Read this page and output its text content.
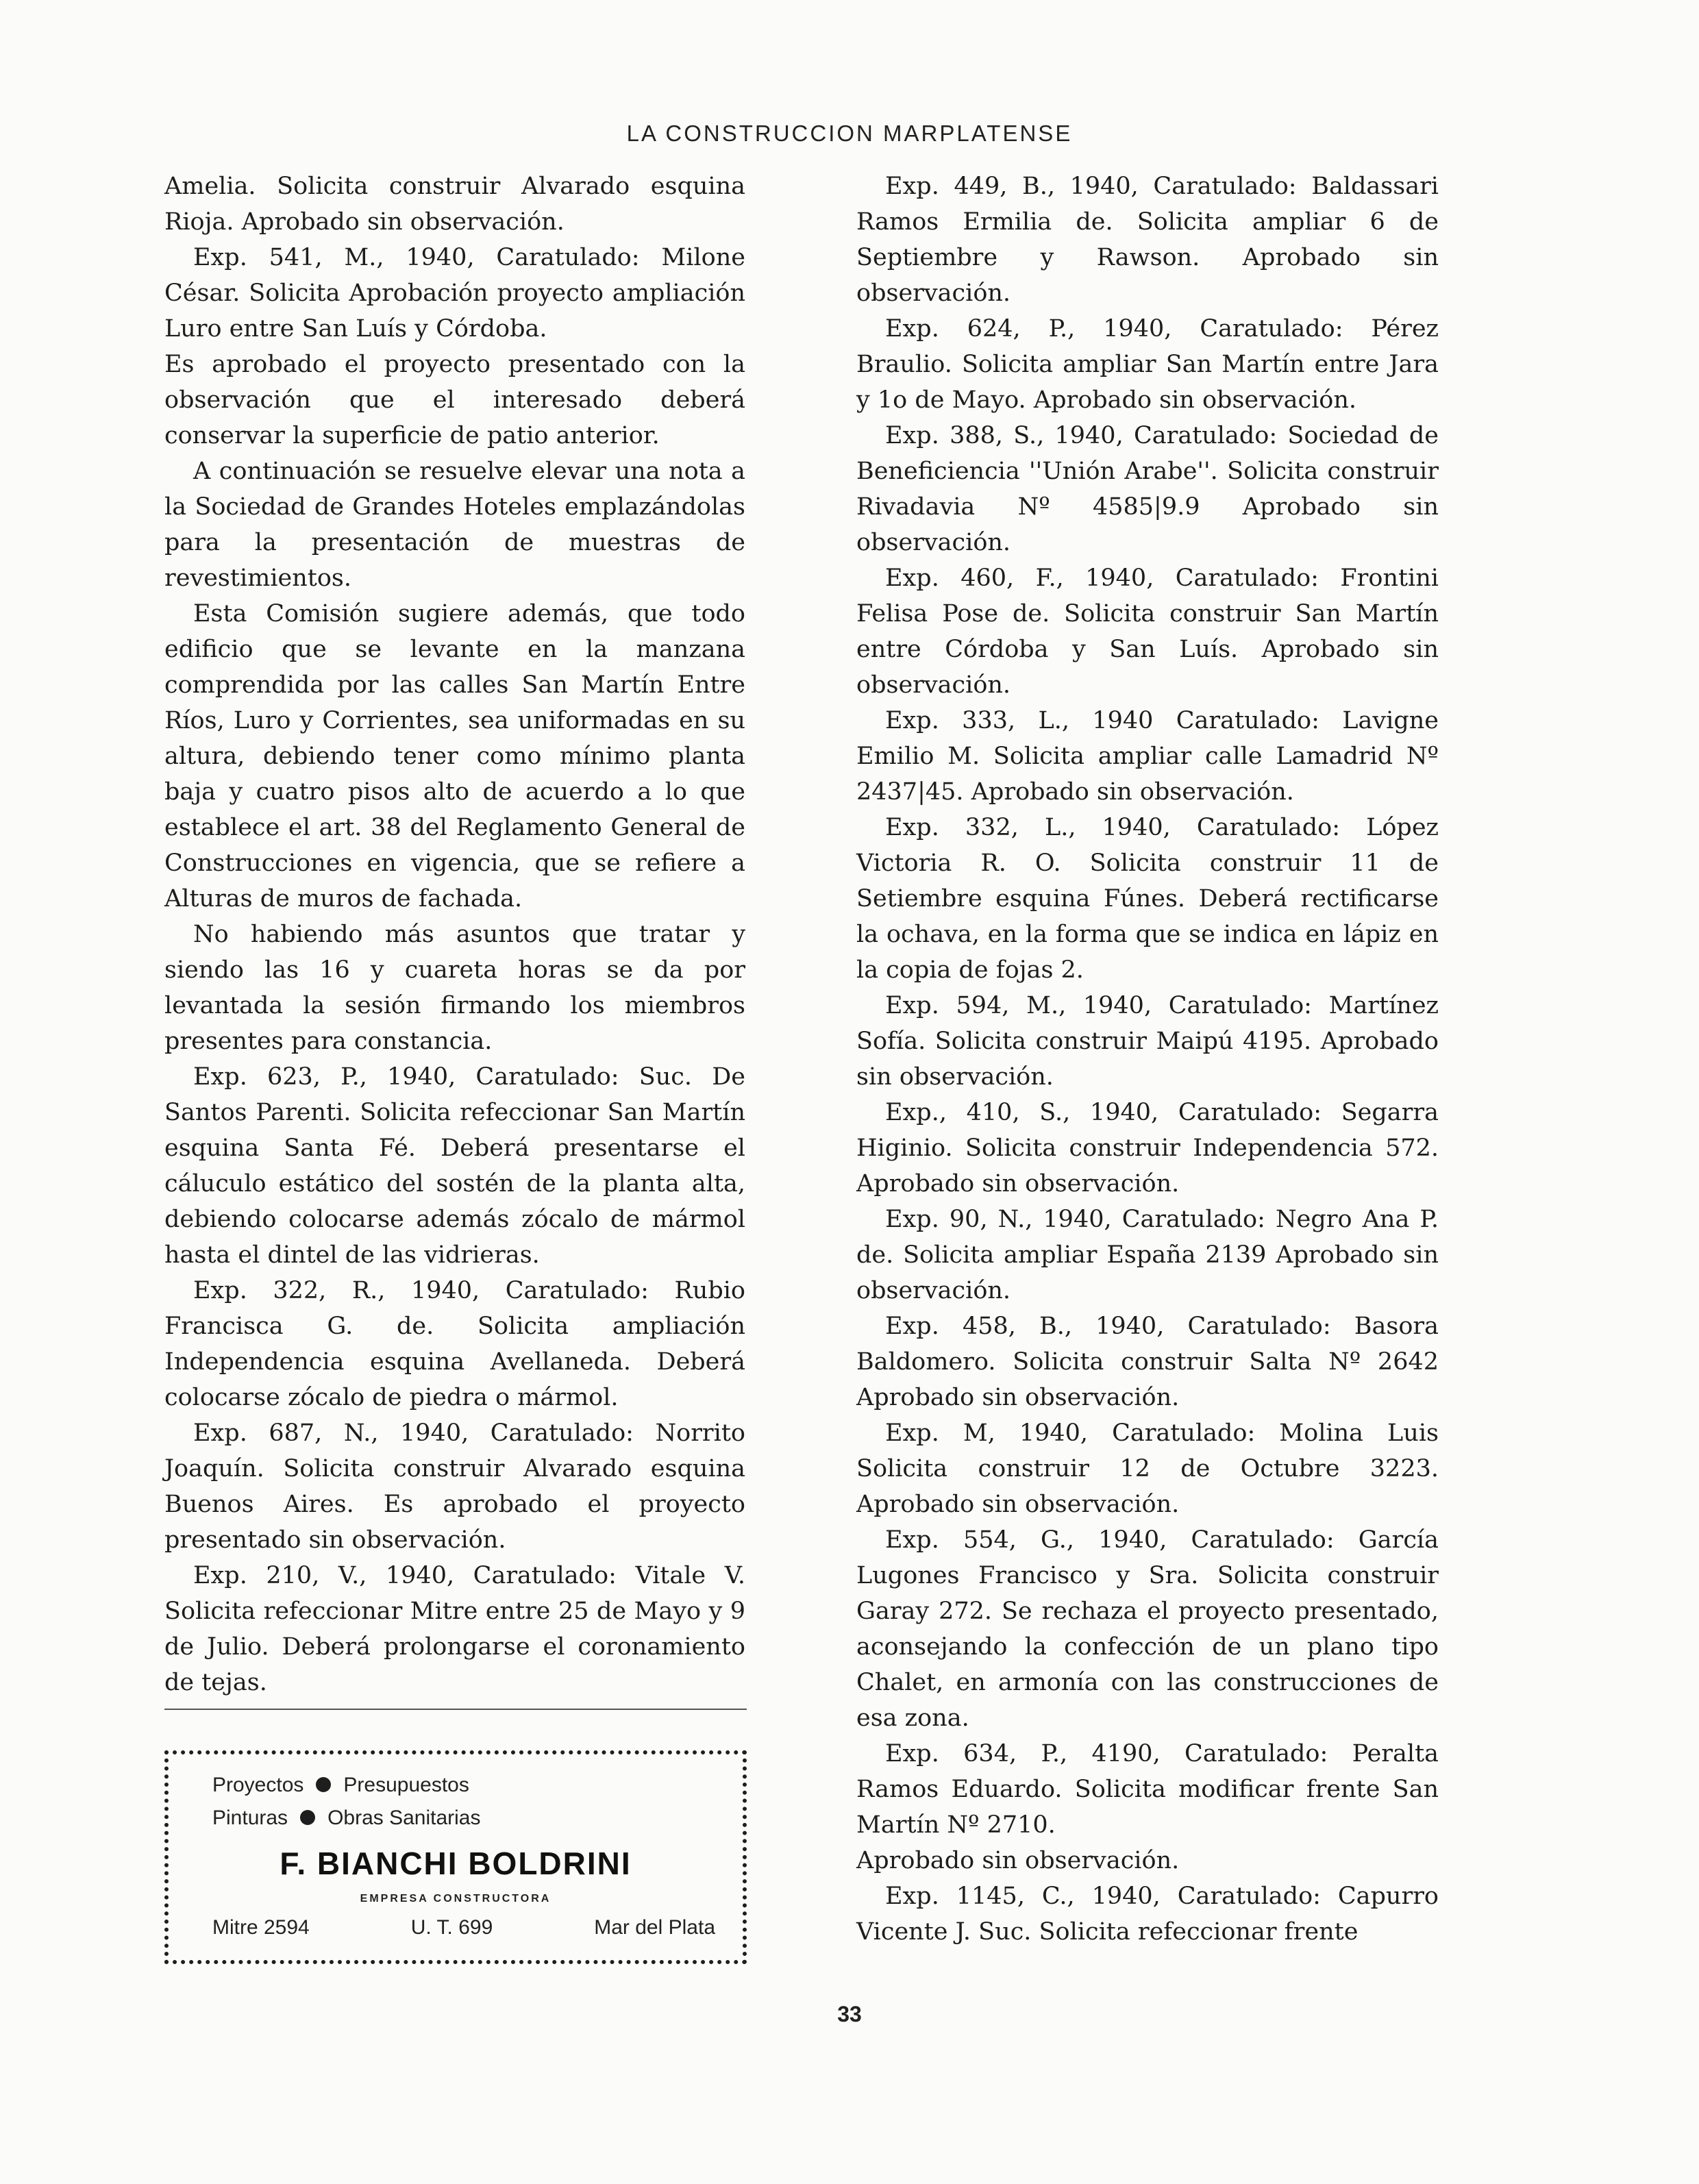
LA CONSTRUCCION MARPLATENSE

Amelia. Solicita construir Alvarado esquina Rioja. Aprobado sin observación.

Exp. 541, M., 1940, Caratulado: Milone César. Solicita Aprobación proyecto ampliación Luro entre San Luís y Córdoba.

Es aprobado el proyecto presentado con la observación que el interesado deberá conservar la superficie de patio anterior.

A continuación se resuelve elevar una nota a la Sociedad de Grandes Hoteles emplazándolas para la presentación de muestras de revestimientos.

Esta Comisión sugiere además, que todo edificio que se levante en la manzana comprendida por las calles San Martín Entre Ríos, Luro y Corrientes, sea uniformadas en su altura, debiendo tener como mínimo planta baja y cuatro pisos alto de acuerdo a lo que establece el art. 38 del Reglamento General de Construcciones en vigencia, que se refiere a Alturas de muros de fachada.

No habiendo más asuntos que tratar y siendo las 16 y cuareta horas se da por levantada la sesión firmando los miembros presentes para constancia.

Exp. 623, P., 1940, Caratulado: Suc. De Santos Parenti. Solicita refeccionar San Martín esquina Santa Fé. Deberá presentarse el cáluculo estático del sostén de la planta alta, debiendo colocarse además zócalo de mármol hasta el dintel de las vidrieras.

Exp. 322, R., 1940, Caratulado: Rubio Francisca G. de. Solicita ampliación Independencia esquina Avellaneda. Deberá colocarse zócalo de piedra o mármol.

Exp. 687, N., 1940, Caratulado: Norrito Joaquín. Solicita construir Alvarado esquina Buenos Aires. Es aprobado el proyecto presentado sin observación.

Exp. 210, V., 1940, Caratulado: Vitale V. Solicita refeccionar Mitre entre 25 de Mayo y 9 de Julio. Deberá prolongarse el coronamiento de tejas.

Proyectos Presupuestos
Pinturas Obras Sanitarias
F. BIANCHI BOLDRINI
EMPRESA CONSTRUCTORA
Mitre 2594	U. T. 699	Mar del Plata

Exp. 449, B., 1940, Caratulado: Baldassari Ramos Ermilia de. Solicita ampliar 6 de Septiembre y Rawson. Aprobado sin observación.

Exp. 624, P., 1940, Caratulado: Pérez Braulio. Solicita ampliar San Martín entre Jara y 1o de Mayo. Aprobado sin observación.

Exp. 388, S., 1940, Caratulado: Sociedad de Beneficiencia ''Unión Arabe''. Solicita construir Rivadavia Nº 4585|9.9 Aprobado sin observación.

Exp. 460, F., 1940, Caratulado: Frontini Felisa Pose de. Solicita construir San Martín entre Córdoba y San Luís. Aprobado sin observación.

Exp. 333, L., 1940 Caratulado: Lavigne Emilio M. Solicita ampliar calle Lamadrid Nº 2437|45. Aprobado sin observación.

Exp. 332, L., 1940, Caratulado: López Victoria R. O. Solicita construir 11 de Setiembre esquina Fúnes. Deberá rectificarse la ochava, en la forma que se indica en lápiz en la copia de fojas 2.

Exp. 594, M., 1940, Caratulado: Martínez Sofía. Solicita construir Maipú 4195. Aprobado sin observación.

Exp., 410, S., 1940, Caratulado: Segarra Higinio. Solicita construir Independencia 572. Aprobado sin observación.

Exp. 90, N., 1940, Caratulado: Negro Ana P. de. Solicita ampliar España 2139 Aprobado sin observación.

Exp. 458, B., 1940, Caratulado: Basora Baldomero. Solicita construir Salta Nº 2642 Aprobado sin observación.

Exp. M, 1940, Caratulado: Molina Luis Solicita construir 12 de Octubre 3223. Aprobado sin observación.

Exp. 554, G., 1940, Caratulado: García Lugones Francisco y Sra. Solicita construir Garay 272. Se rechaza el proyecto presentado, aconsejando la confección de un plano tipo Chalet, en armonía con las construcciones de esa zona.

Exp. 634, P., 4190, Caratulado: Peralta Ramos Eduardo. Solicita modificar frente San Martín Nº 2710.

Aprobado sin observación.

Exp. 1145, C., 1940, Caratulado: Capurro Vicente J. Suc. Solicita refeccionar frente

33
